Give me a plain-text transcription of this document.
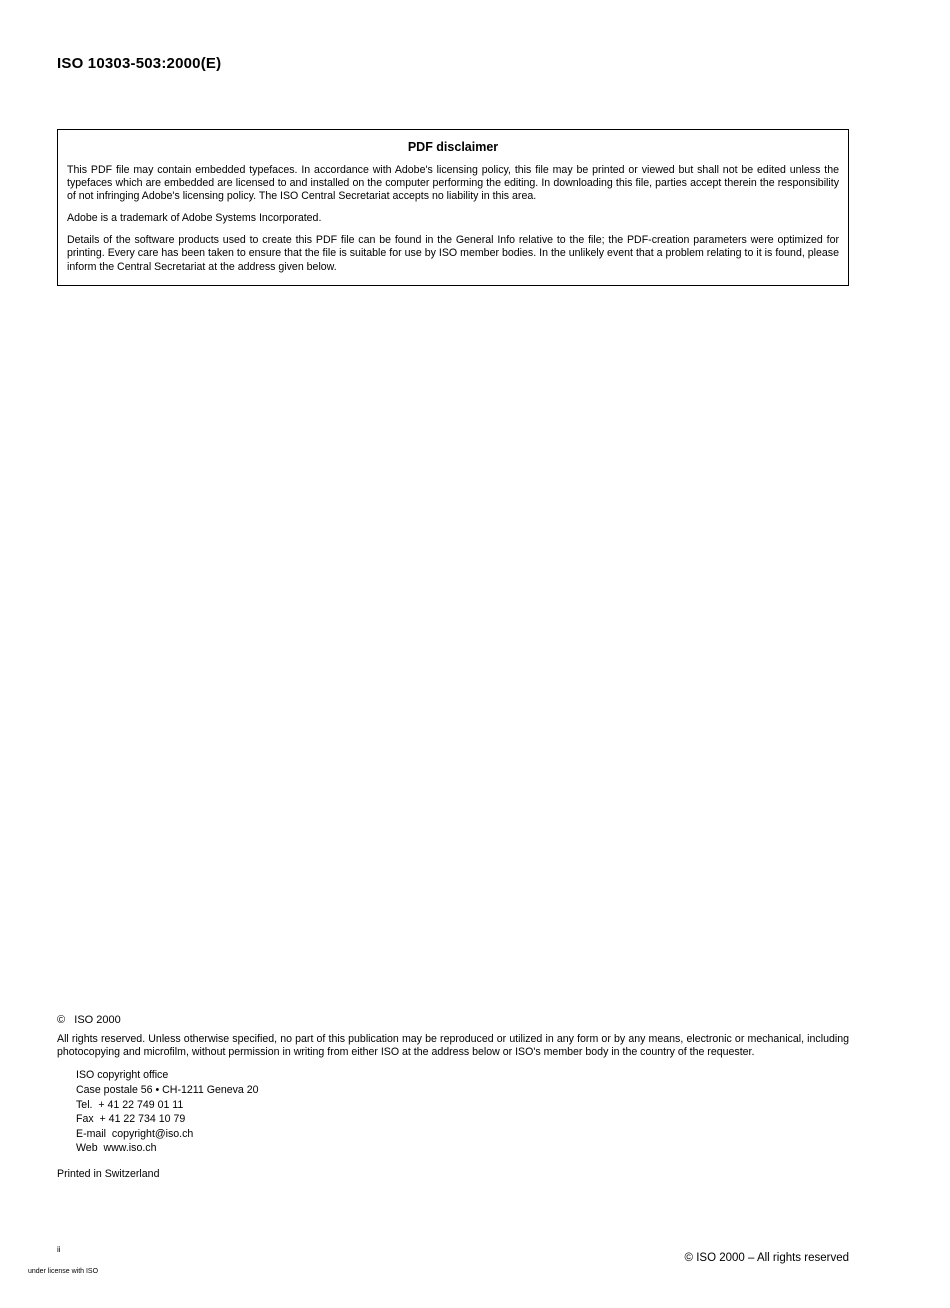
ISO 10303-503:2000(E)
PDF disclaimer

This PDF file may contain embedded typefaces. In accordance with Adobe's licensing policy, this file may be printed or viewed but shall not be edited unless the typefaces which are embedded are licensed to and installed on the computer performing the editing. In downloading this file, parties accept therein the responsibility of not infringing Adobe's licensing policy. The ISO Central Secretariat accepts no liability in this area.

Adobe is a trademark of Adobe Systems Incorporated.

Details of the software products used to create this PDF file can be found in the General Info relative to the file; the PDF-creation parameters were optimized for printing. Every care has been taken to ensure that the file is suitable for use by ISO member bodies. In the unlikely event that a problem relating to it is found, please inform the Central Secretariat at the address given below.

©   ISO 2000
All rights reserved. Unless otherwise specified, no part of this publication may be reproduced or utilized in any form or by any means, electronic or mechanical, including photocopying and microfilm, without permission in writing from either ISO at the address below or ISO's member body in the country of the requester.
ISO copyright office
Case postale 56 • CH-1211 Geneva 20
Tel.  + 41 22 749 01 11
Fax  + 41 22 734 10 79
E-mail  copyright@iso.ch
Web  www.iso.ch
Printed in Switzerland
ii
under license with ISO
© ISO 2000 – All rights reserved
